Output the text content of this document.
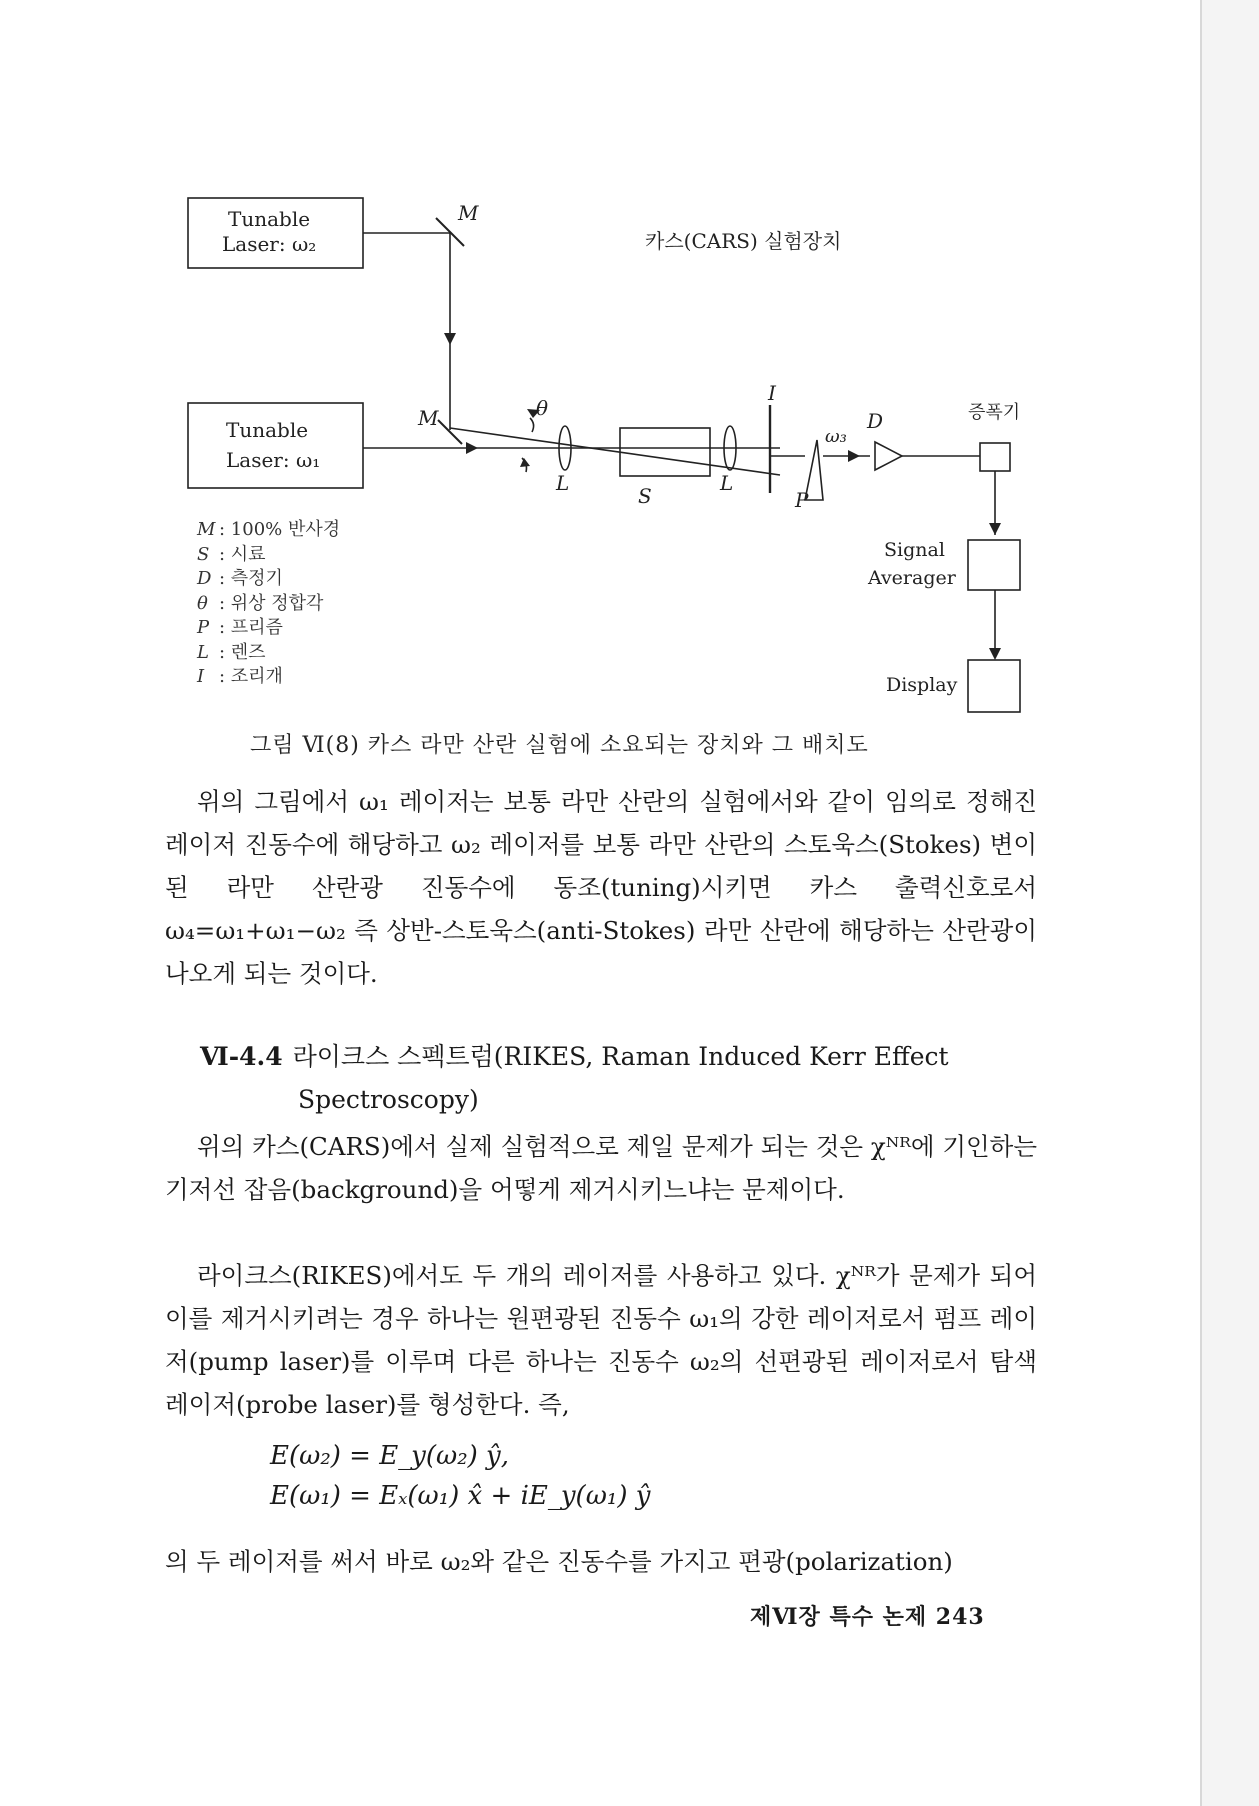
Tunable
Laser: ω₂
Tunable
Laser: ω₁
카스(CARS) 실험장치
M
M	θ
L
S
L
I
ω₃
P
D	증폭기
Signal
Averager
Display
M : 100% 반사경
S : 시료
D : 측정기
θ : 위상 정합각
P : 프리즘
L : 렌즈
I : 조리개
그림 Ⅵ(8) 카스 라만 산란 실험에 소요되는 장치와 그 배치도

위의 그림에서 ω₁ 레이저는 보통 라만 산란의 실험에서와 같이 임의로 정해진 레이저 진동수에 해당하고 ω₂ 레이저를 보통 라만 산란의 스토욱스(Stokes) 변이된 라만 산란광 진동수에 동조(tuning)시키면 카스 출력신호로서 ω₄=ω₁+ω₁−ω₂ 즉 상반-스토욱스(anti-Stokes) 라만 산란에 해당하는 산란광이 나오게 되는 것이다.

Ⅵ-4.4 라이크스 스펙트럼(RIKES, Raman Induced Kerr Effect
Spectroscopy)

위의 카스(CARS)에서 실제 실험적으로 제일 문제가 되는 것은 χᴺᴿ에 기인하는 기저선 잡음(background)을 어떻게 제거시키느냐는 문제이다.

라이크스(RIKES)에서도 두 개의 레이저를 사용하고 있다. χᴺᴿ가 문제가 되어 이를 제거시키려는 경우 하나는 원편광된 진동수 ω₁의 강한 레이저로서 펌프 레이저(pump laser)를 이루며 다른 하나는 진동수 ω₂의 선편광된 레이저로서 탐색 레이저(probe laser)를 형성한다. 즉,

E(ω₂) = E_y(ω₂) ŷ,
E(ω₁) = Eₓ(ω₁) x̂ + iE_y(ω₁) ŷ

의 두 레이저를 써서 바로 ω₂와 같은 진동수를 가지고 편광(polarization)

제Ⅵ장 특수 논제 243
